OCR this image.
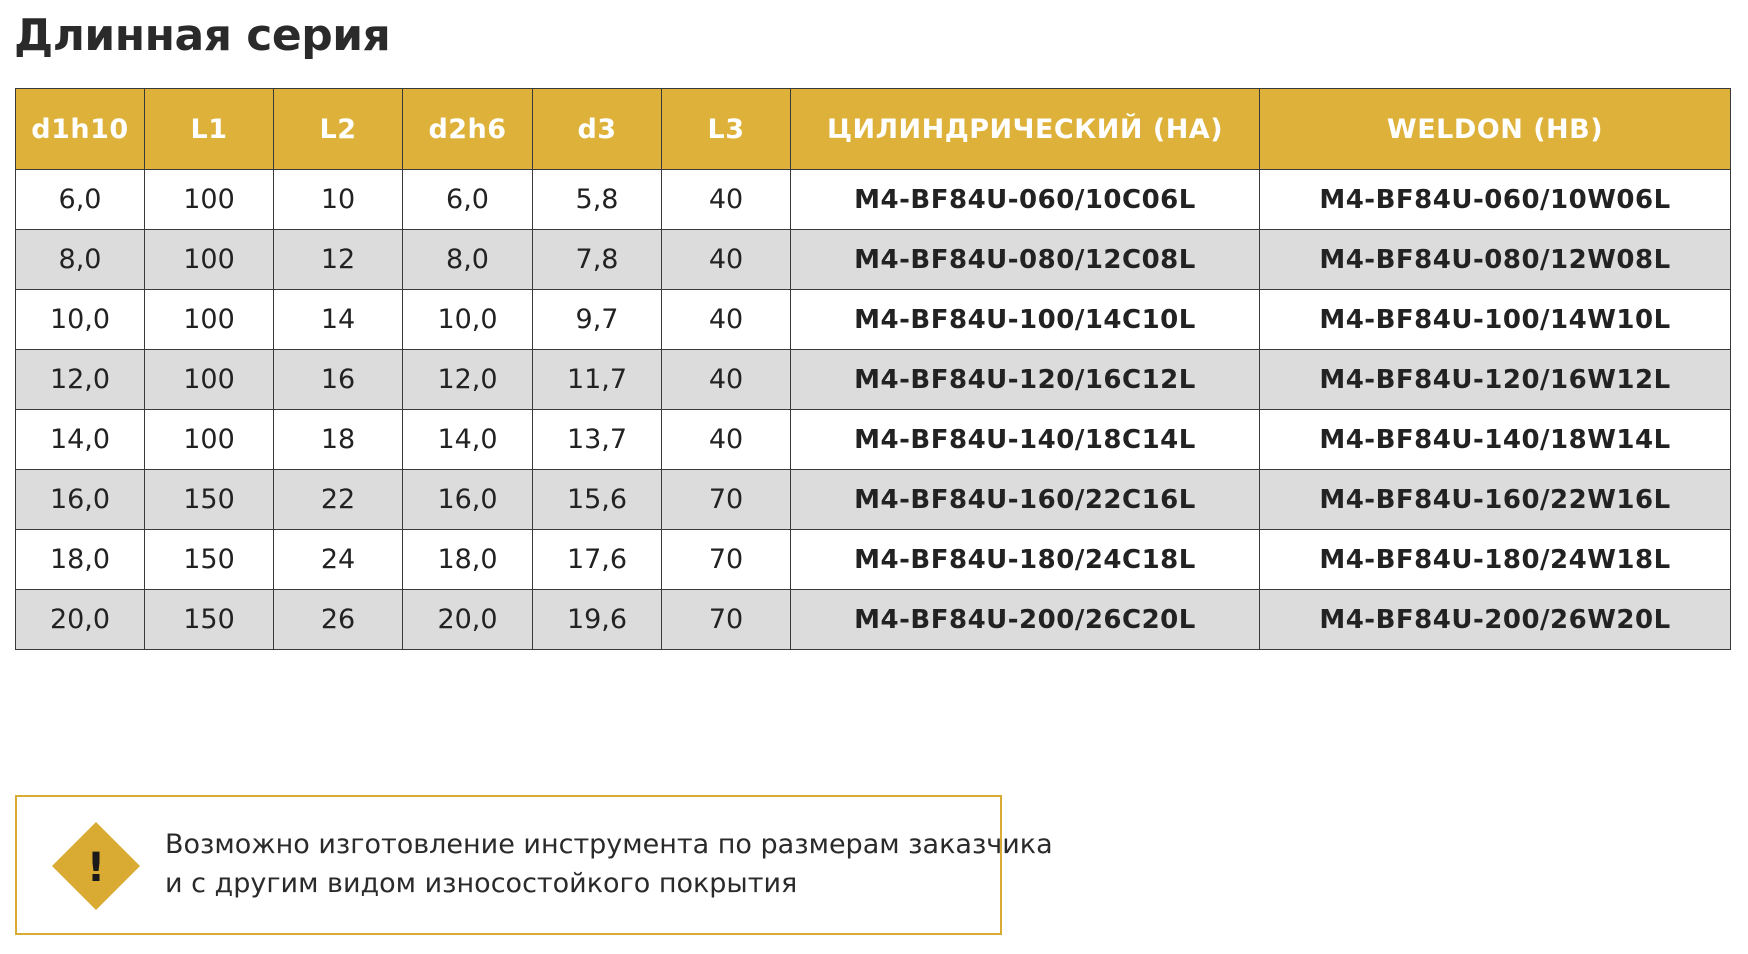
Длинная серия
d1h10	L1	L2	d2h6	d3	L3	ЦИЛИНДРИЧЕСКИЙ (HA)	WELDON (HB)
6,0	100	10	6,0	5,8	40	M4-BF84U-060/10C06L	M4-BF84U-060/10W06L
8,0	100	12	8,0	7,8	40	M4-BF84U-080/12C08L	M4-BF84U-080/12W08L
10,0	100	14	10,0	9,7	40	M4-BF84U-100/14C10L	M4-BF84U-100/14W10L
12,0	100	16	12,0	11,7	40	M4-BF84U-120/16C12L	M4-BF84U-120/16W12L
14,0	100	18	14,0	13,7	40	M4-BF84U-140/18C14L	M4-BF84U-140/18W14L
16,0	150	22	16,0	15,6	70	M4-BF84U-160/22C16L	M4-BF84U-160/22W16L
18,0	150	24	18,0	17,6	70	M4-BF84U-180/24C18L	M4-BF84U-180/24W18L
20,0	150	26	20,0	19,6	70	M4-BF84U-200/26C20L	M4-BF84U-200/26W20L
!
Возможно изготовление инструмента по размерам заказчика
и с другим видом износостойкого покрытия
